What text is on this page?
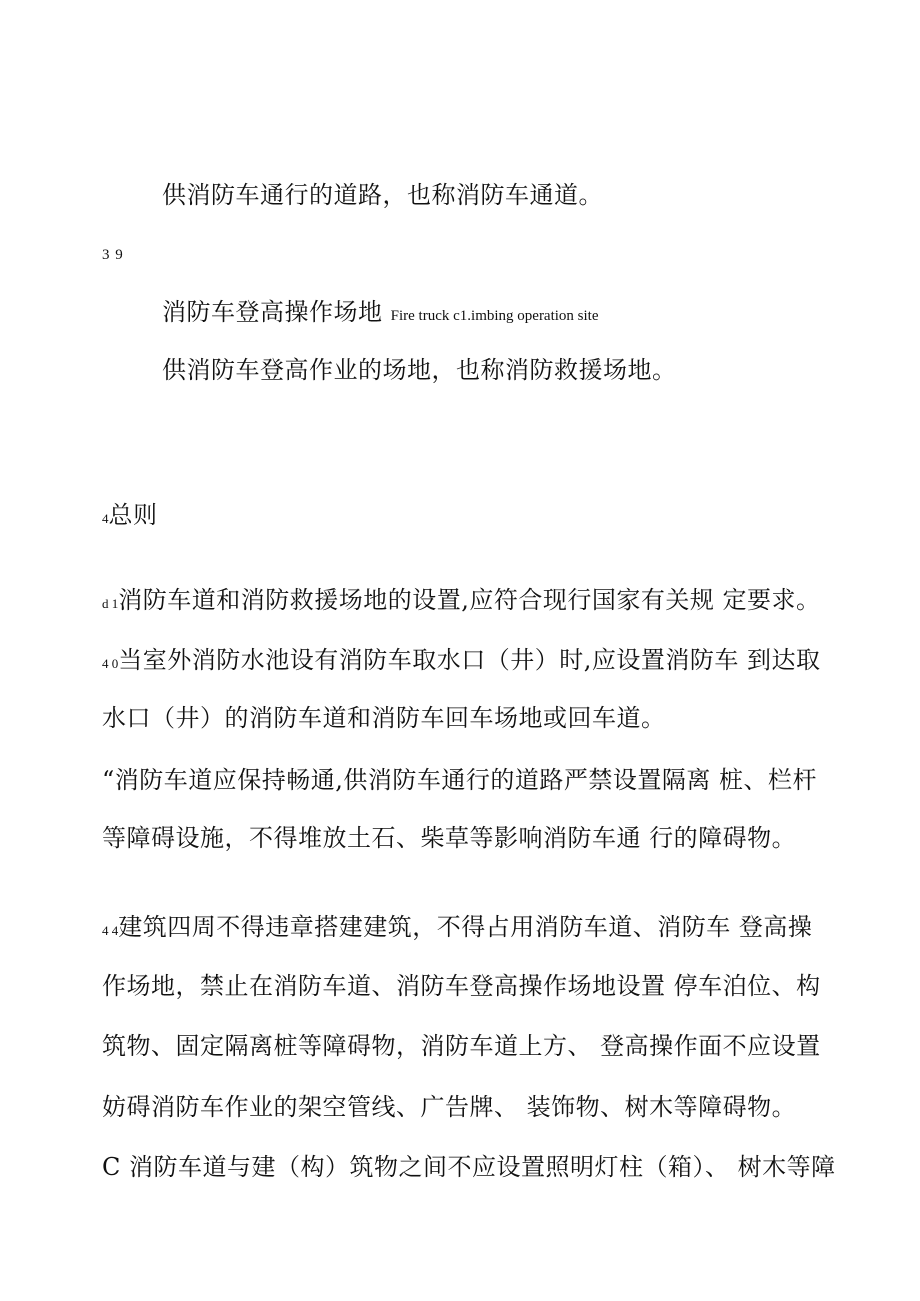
供消防车通行的道路，也称消防车通道。
3 9
消防车登高操作场地 Fire truck c1.imbing operation site
供消防车登高作业的场地，也称消防救援场地。
4总则
d 1消防车道和消防救援场地的设置,应符合现行国家有关规 定要求。
4 0当室外消防水池设有消防车取水口（井）时,应设置消防车 到达取
水口（井）的消防车道和消防车回车场地或回车道。
“消防车道应保持畅通,供消防车通行的道路严禁设置隔离 桩、栏杆
等障碍设施，不得堆放土石、柴草等影响消防车通 行的障碍物。
4 4建筑四周不得违章搭建建筑，不得占用消防车道、消防车 登高操
作场地，禁止在消防车道、消防车登高操作场地设置 停车泊位、构
筑物、固定隔离桩等障碍物，消防车道上方、 登高操作面不应设置
妨碍消防车作业的架空管线、广告牌、 装饰物、树木等障碍物。
C 消防车道与建（构）筑物之间不应设置照明灯柱（箱）、 树木等障
